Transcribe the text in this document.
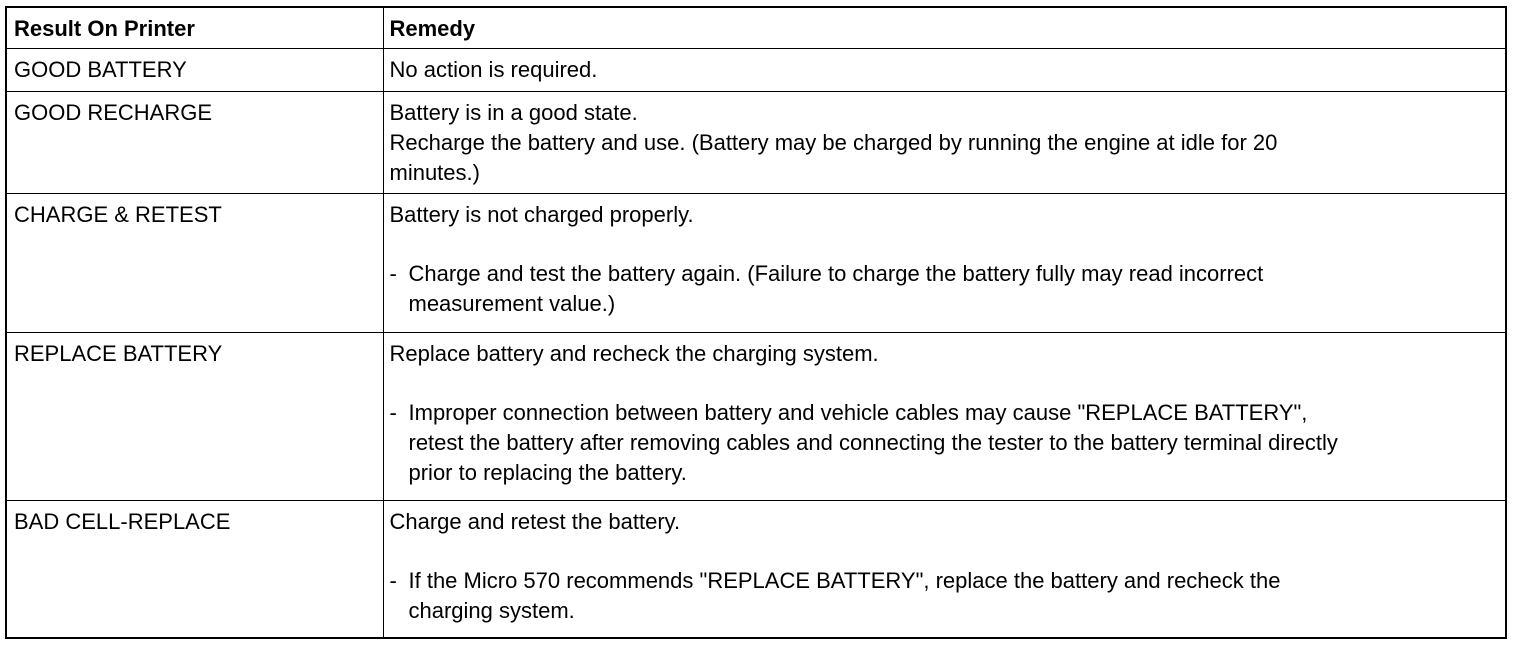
Result On Printer	Remedy
GOOD BATTERY	No action is required.

GOOD RECHARGE	Battery is in a good state.
Recharge the battery and use. (Battery may be charged by running the engine at idle for 20
minutes.)

CHARGE & RETEST	Battery is not charged properly.
- Charge and test the battery again. (Failure to charge the battery fully may read incorrect
measurement value.)

REPLACE BATTERY	Replace battery and recheck the charging system.
- Improper connection between battery and vehicle cables may cause "REPLACE BATTERY",
retest the battery after removing cables and connecting the tester to the battery terminal directly
prior to replacing the battery.

BAD CELL-REPLACE	Charge and retest the battery.
- If the Micro 570 recommends "REPLACE BATTERY", replace the battery and recheck the
charging system.
